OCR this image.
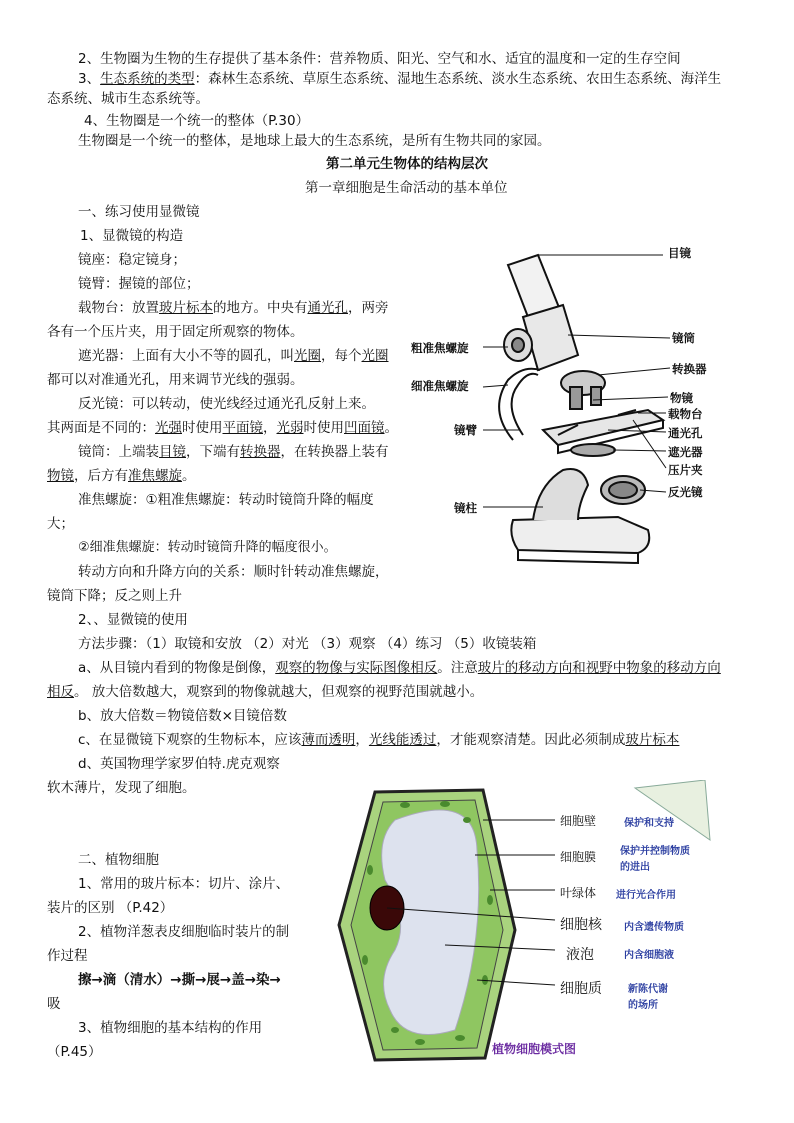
2、生物圈为生物的生存提供了基本条件：营养物质、阳光、空气和水、适宜的温度和一定的生存空间
3、生态系统的类型：森林生态系统、草原生态系统、湿地生态系统、淡水生态系统、农田生态系统、海洋生
态系统、城市生态系统等。
4、生物圈是一个统一的整体（P.30）
生物圈是一个统一的整体，是地球上最大的生态系统，是所有生物共同的家园。
第二单元生物体的结构层次
第一章细胞是生命活动的基本单位
一、练习使用显微镜
1、显微镜的构造
镜座：稳定镜身；
镜臂：握镜的部位；
载物台：放置玻片标本的地方。中央有通光孔，两旁
各有一个压片夹，用于固定所观察的物体。
遮光器：上面有大小不等的圆孔，叫光圈，每个光圈
都可以对准通光孔，用来调节光线的强弱。
反光镜：可以转动，使光线经过通光孔反射上来。
其两面是不同的：光强时使用平面镜，光弱时使用凹面镜。
镜筒：上端装目镜，下端有转换器，在转换器上装有
物镜，后方有准焦螺旋。
准焦螺旋：①粗准焦螺旋：转动时镜筒升降的幅度
大；
②细准焦螺旋：转动时镜筒升降的幅度很小。
转动方向和升降方向的关系：顺时针转动准焦螺旋，
镜筒下降；反之则上升
2、、显微镜的使用
方法步骤：（1）取镜和安放 （2）对光 （3）观察 （4）练习 （5）收镜装箱
a、从目镜内看到的物像是倒像，观察的物像与实际图像相反。注意玻片的移动方向和视野中物象的移动方向
相反。 放大倍数越大，观察到的物像就越大，但观察的视野范围就越小。
b、放大倍数＝物镜倍数×目镜倍数
c、在显微镜下观察的生物标本，应该薄而透明，光线能透过，才能观察清楚。因此必须制成玻片标本
d、英国物理学家罗伯特.虎克观察
软木薄片，发现了细胞。
目镜
镜筒
转换器
物镜
载物台
通光孔
遮光器
压片夹
反光镜
粗准焦螺旋
细准焦螺旋
镜臂
镜柱
二、植物细胞
1、常用的玻片标本：切片、涂片、
装片的区别 （P.42）
2、植物洋葱表皮细胞临时装片的制
作过程
擦→滴（清水）→撕→展→盖→染→
吸
3、植物细胞的基本结构的作用
（P.45）
细胞壁	保护和支持
细胞膜 保护并控制物质
的进出
叶绿体 进行光合作用
细胞核 内含遗传物质
液泡	内含细胞液
细胞质	新陈代谢
的场所
植物细胞模式图
